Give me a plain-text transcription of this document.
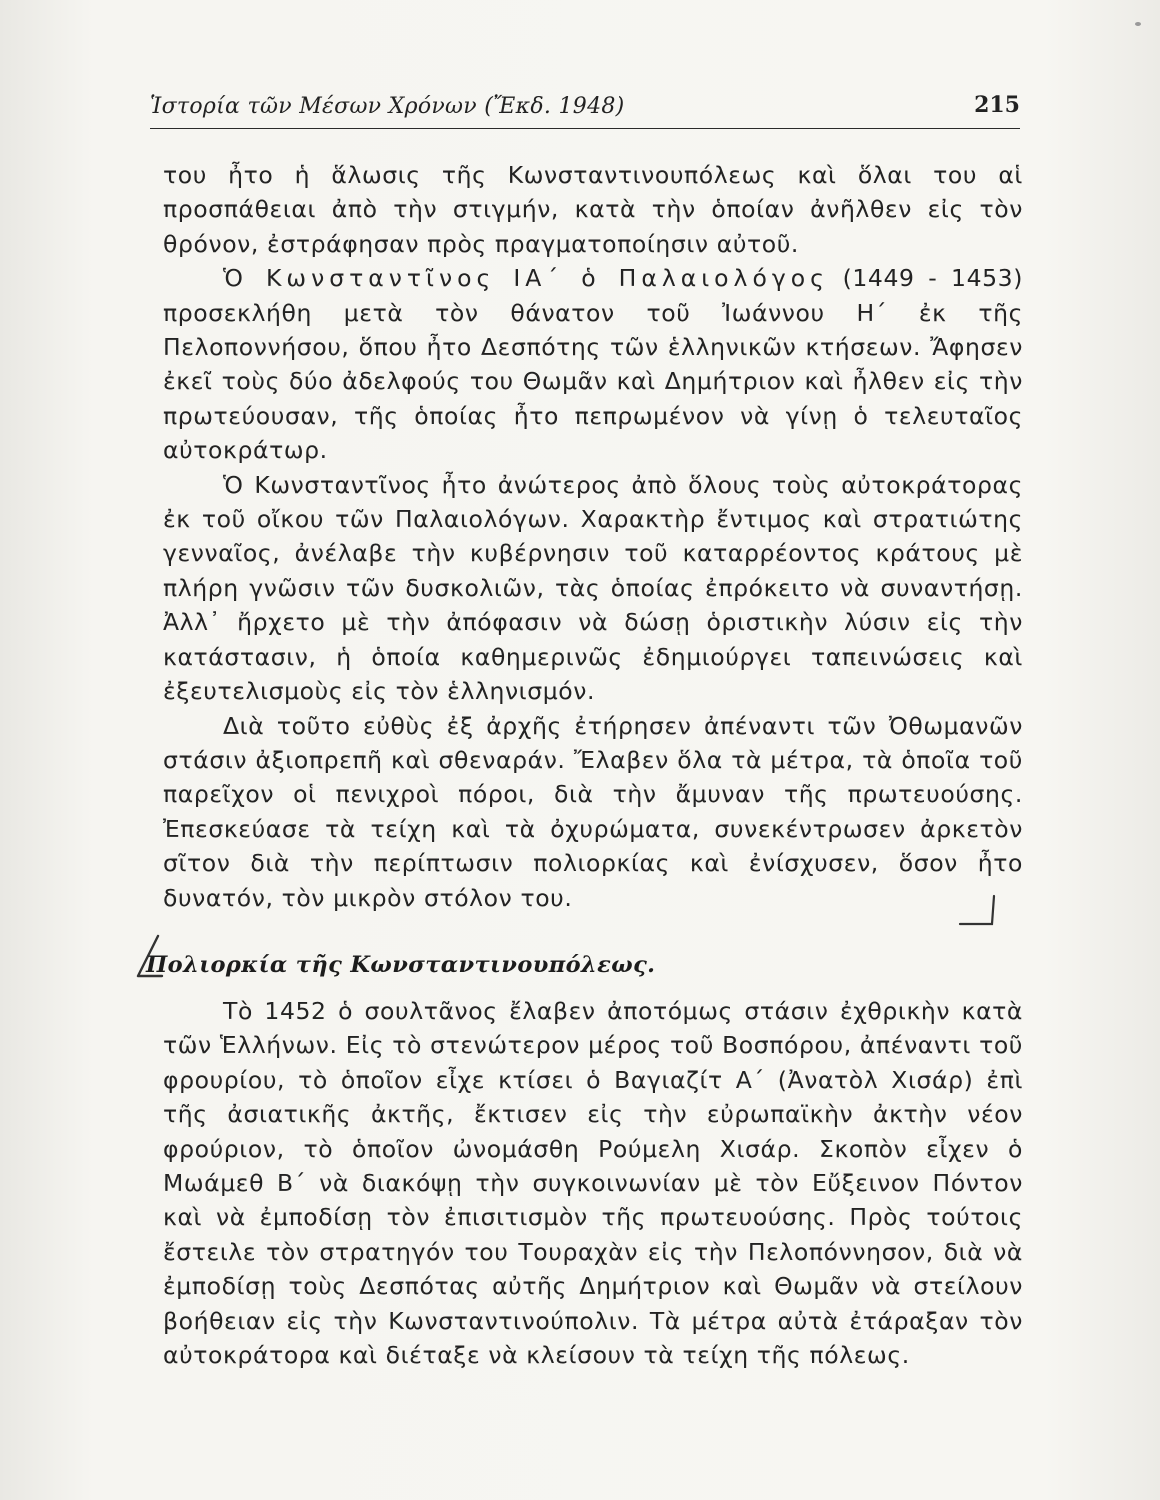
Ἱστορία τῶν Μέσων Χρόνων (Ἔκδ. 1948)	215

του ἦτο ἡ ἅλωσις τῆς Κωνσταντινουπόλεως καὶ ὅλαι του αἱ προσπάθειαι ἀπὸ τὴν στιγμήν, κατὰ τὴν ὁποίαν ἀνῆλθεν εἰς τὸν θρόνον, ἐστράφησαν πρὸς πραγματοποίησιν αὐτοῦ.

Ὁ Κωνσταντῖνος ΙΑ΄ ὁ Παλαιολόγος (1449 - 1453) προσεκλήθη μετὰ τὸν θάνατον τοῦ Ἰωάννου Η΄ ἐκ τῆς Πελοποννήσου, ὅπου ἦτο Δεσπότης τῶν ἑλληνικῶν κτήσεων. Ἄφησεν ἐκεῖ τοὺς δύο ἀδελφούς του Θωμᾶν καὶ Δημήτριον καὶ ἦλθεν εἰς τὴν πρωτεύουσαν, τῆς ὁποίας ἦτο πεπρωμένον νὰ γίνῃ ὁ τελευταῖος αὐτοκράτωρ.

Ὁ Κωνσταντῖνος ἦτο ἀνώτερος ἀπὸ ὅλους τοὺς αὐτοκράτορας ἐκ τοῦ οἴκου τῶν Παλαιολόγων. Χαρακτὴρ ἔντιμος καὶ στρατιώτης γενναῖος, ἀνέλαβε τὴν κυβέρνησιν τοῦ καταρρέοντος κράτους μὲ πλήρη γνῶσιν τῶν δυσκολιῶν, τὰς ὁποίας ἐπρόκειτο νὰ συναντήσῃ. Ἀλλ᾽ ἤρχετο μὲ τὴν ἀπόφασιν νὰ δώσῃ ὁριστικὴν λύσιν εἰς τὴν κατάστασιν, ἡ ὁποία καθημερινῶς ἐδημιούργει ταπεινώσεις καὶ ἐξευτελισμοὺς εἰς τὸν ἑλληνισμόν.

Διὰ τοῦτο εὐθὺς ἐξ ἀρχῆς ἐτήρησεν ἀπέναντι τῶν Ὀθωμανῶν στάσιν ἀξιοπρεπῆ καὶ σθεναράν. Ἔλαβεν ὅλα τὰ μέτρα, τὰ ὁποῖα τοῦ παρεῖχον οἱ πενιχροὶ πόροι, διὰ τὴν ἄμυναν τῆς πρωτευούσης. Ἐπεσκεύασε τὰ τείχη καὶ τὰ ὀχυρώματα, συνεκέντρωσεν ἀρκετὸν σῖτον διὰ τὴν περίπτωσιν πολιορκίας καὶ ἐνίσχυσεν, ὅσον ἦτο δυνατόν, τὸν μικρὸν στόλον του.

Πολιορκία τῆς Κωνσταντινουπόλεως.

Τὸ 1452 ὁ σουλτᾶνος ἔλαβεν ἀποτόμως στάσιν ἐχθρικὴν κατὰ τῶν Ἑλλήνων. Εἰς τὸ στενώτερον μέρος τοῦ Βοσπόρου, ἀπέναντι τοῦ φρουρίου, τὸ ὁποῖον εἶχε κτίσει ὁ Βαγιαζίτ Α΄ (Ἀνατὸλ Χισάρ) ἐπὶ τῆς ἀσιατικῆς ἀκτῆς, ἔκτισεν εἰς τὴν εὐρωπαϊκὴν ἀκτὴν νέον φρούριον, τὸ ὁποῖον ὠνομάσθη Ρούμελη Χισάρ. Σκοπὸν εἶχεν ὁ Μωάμεθ Β΄ νὰ διακόψῃ τὴν συγκοινωνίαν μὲ τὸν Εὔξεινον Πόντον καὶ νὰ ἐμποδίσῃ τὸν ἐπισιτισμὸν τῆς πρωτευούσης. Πρὸς τούτοις ἔστειλε τὸν στρατηγόν του Τουραχὰν εἰς τὴν Πελοπόννησον, διὰ νὰ ἐμποδίσῃ τοὺς Δεσπότας αὐτῆς Δημήτριον καὶ Θωμᾶν νὰ στείλουν βοήθειαν εἰς τὴν Κωνσταντινούπολιν. Τὰ μέτρα αὐτὰ ἐτάραξαν τὸν αὐτοκράτορα καὶ διέταξε νὰ κλείσουν τὰ τείχη τῆς πόλεως.
